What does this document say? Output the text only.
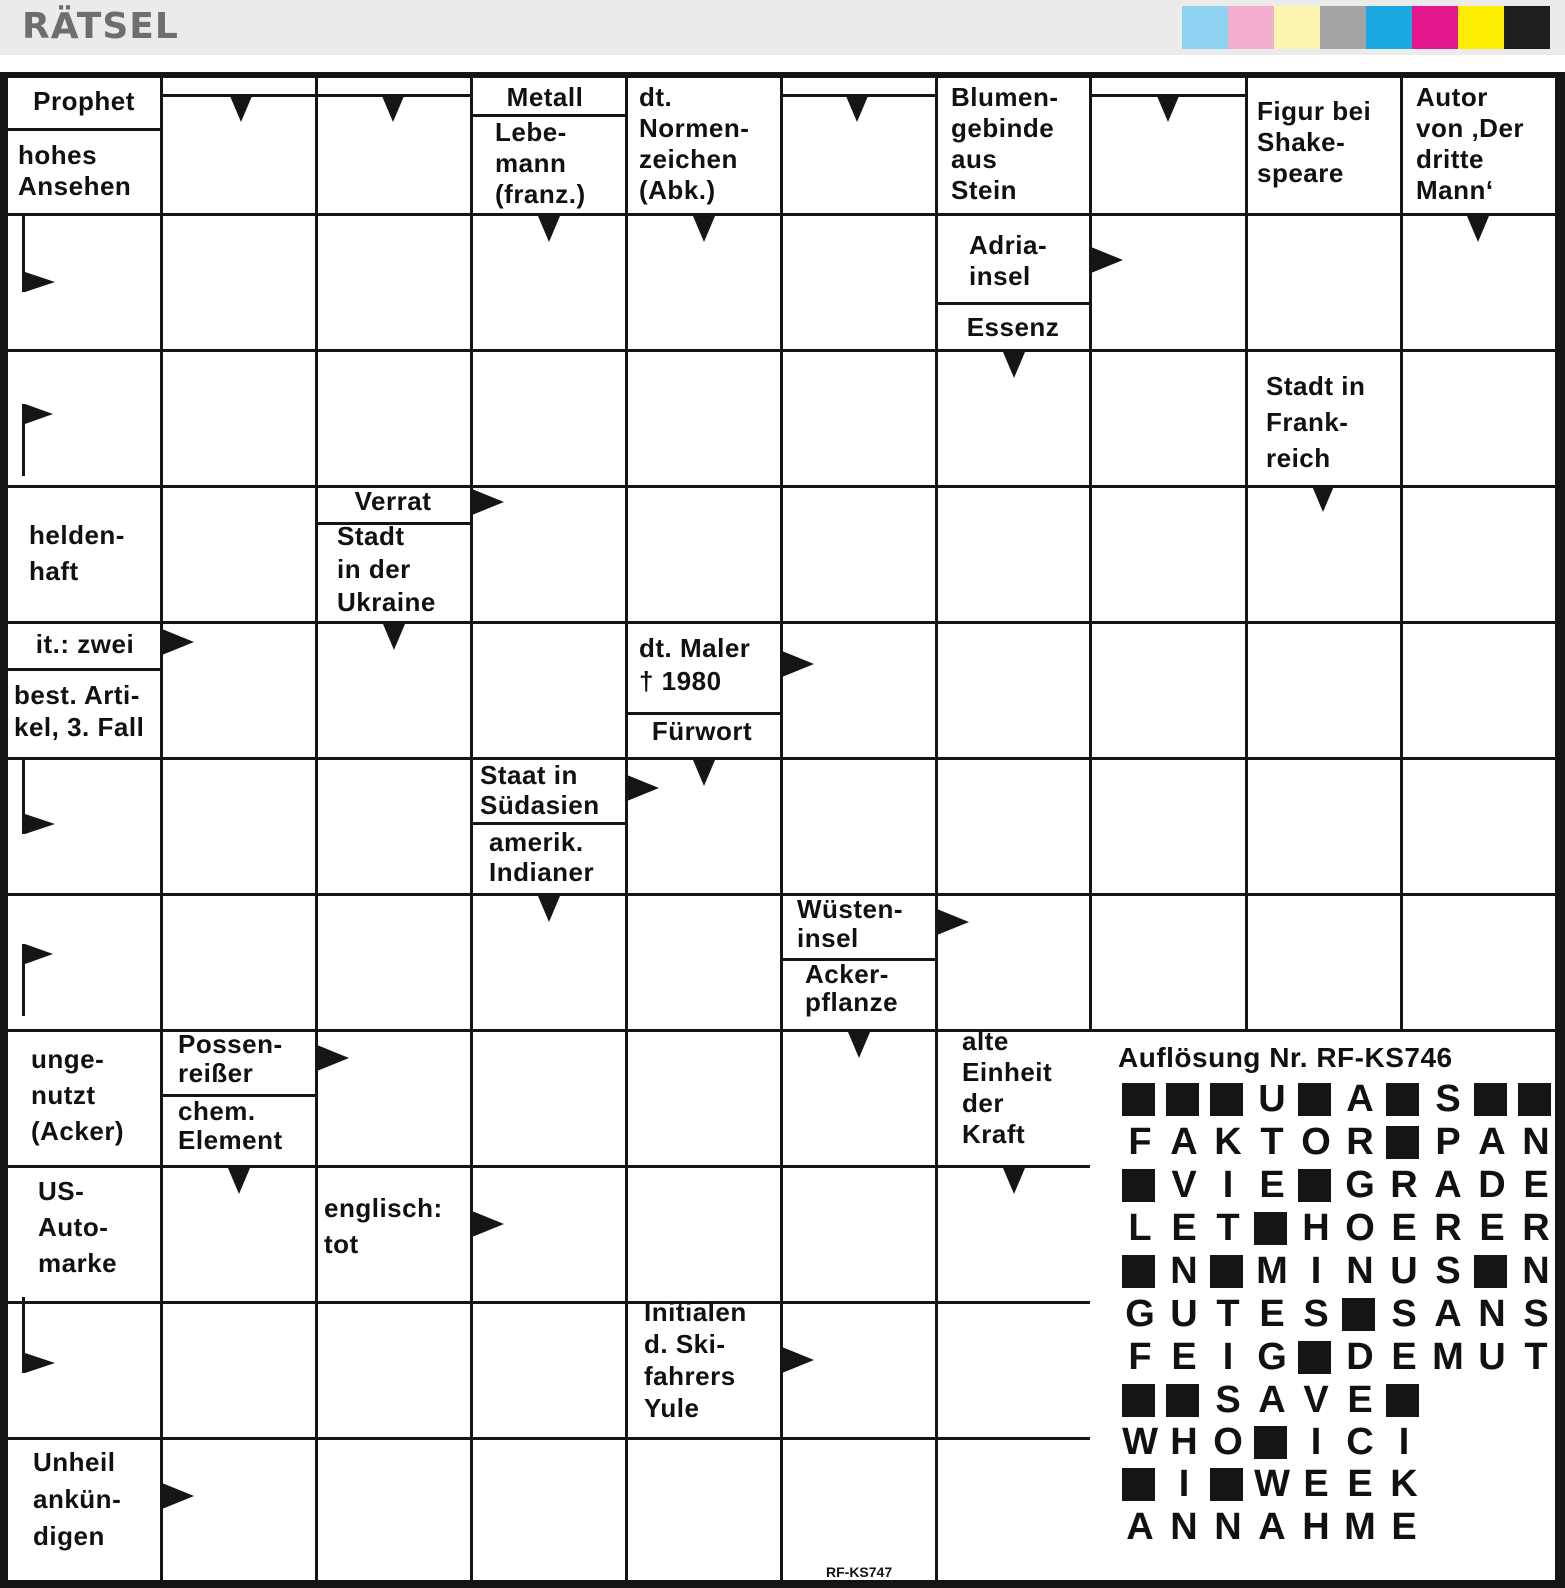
RÄTSEL
Prophet
hohes
Ansehen
Metall
Lebe-
mann
(franz.)
dt.
Normen-
zeichen
(Abk.)
Blumen-
gebinde
aus
Stein
Figur bei
Shake-
speare
Autor
von ‚Der
dritte
Mann‘
Adria-
insel
Essenz
Stadt in
Frank-
reich
helden-
haft
Verrat
Stadt
in der
Ukraine
it.: zwei
best. Arti-
kel, 3. Fall
dt. Maler
† 1980
Fürwort
Staat in
Südasien
amerik.
Indianer
Wüsten-
insel
Acker-
pflanze
unge-
nutzt
(Acker)
Possen-
reißer
chem.
Element
alte
Einheit
der
Kraft
US-
Auto-
marke
englisch:
tot
Initialen
d. Ski-
fahrers
Yule
Unheil
ankün-
digen
Auflösung Nr. RF-KS746
U A S
F A K T O R P A N
V I E G R A D E
L E T H O E R E R
N M I N U S N
G U T E S S A N S
F E I G D E M U T
S A V E
W H O	I C I
I	W E E K
A N N A H M E
RF-KS747
